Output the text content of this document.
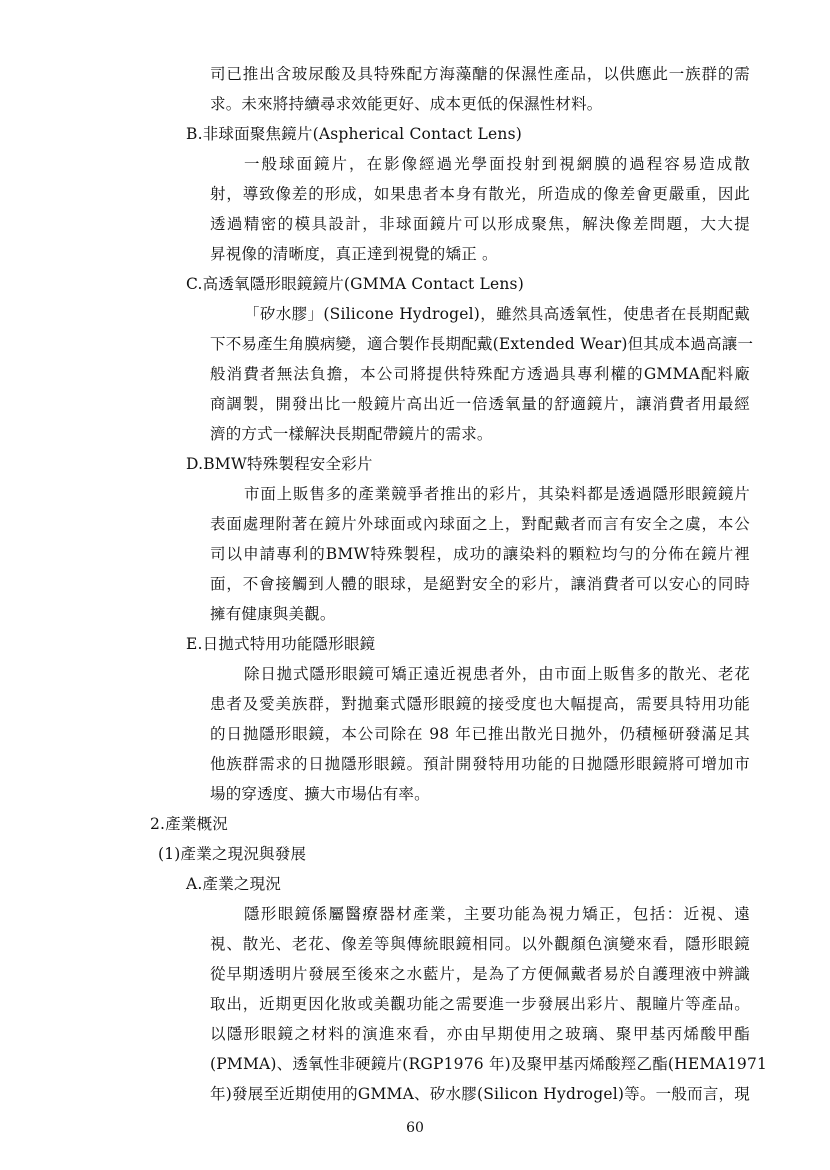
司已推出含玻尿酸及具特殊配方海藻醣的保濕性產品，以供應此一族群的需
求。未來將持續尋求效能更好、成本更低的保濕性材料。
B.非球面聚焦鏡片(Aspherical Contact Lens)
一般球面鏡片，在影像經過光學面投射到視網膜的過程容易造成散
射，導致像差的形成，如果患者本身有散光，所造成的像差會更嚴重，因此
透過精密的模具設計，非球面鏡片可以形成聚焦，解決像差問題，大大提
昇視像的清晰度，真正達到視覺的矯正 。
C.高透氧隱形眼鏡鏡片(GMMA Contact Lens)
「矽水膠」(Silicone Hydrogel)，雖然具高透氧性，使患者在長期配戴
下不易產生角膜病變，適合製作長期配戴(Extended Wear)但其成本過高讓一
般消費者無法負擔，本公司將提供特殊配方透過具專利權的GMMA配料廠
商調製，開發出比一般鏡片高出近一倍透氧量的舒適鏡片，讓消費者用最經
濟的方式一樣解決長期配帶鏡片的需求。
D.BMW特殊製程安全彩片
市面上販售多的產業競爭者推出的彩片，其染料都是透過隱形眼鏡鏡片
表面處理附著在鏡片外球面或內球面之上，對配戴者而言有安全之虞，本公
司以申請專利的BMW特殊製程，成功的讓染料的顆粒均勻的分佈在鏡片裡
面，不會接觸到人體的眼球，是絕對安全的彩片，讓消費者可以安心的同時
擁有健康與美觀。
E.日拋式特用功能隱形眼鏡
除日拋式隱形眼鏡可矯正遠近視患者外，由市面上販售多的散光、老花
患者及愛美族群，對拋棄式隱形眼鏡的接受度也大幅提高，需要具特用功能
的日拋隱形眼鏡，本公司除在 98 年已推出散光日拋外，仍積極研發滿足其
他族群需求的日拋隱形眼鏡。預計開發特用功能的日拋隱形眼鏡將可增加市
場的穿透度、擴大市場佔有率。
2.產業概況
(1)產業之現況與發展
A.產業之現況
隱形眼鏡係屬醫療器材產業，主要功能為視力矯正，包括：近視、遠
視、散光、老花、像差等與傳統眼鏡相同。以外觀顏色演變來看，隱形眼鏡
從早期透明片發展至後來之水藍片，是為了方便佩戴者易於自護理液中辨識
取出，近期更因化妝或美觀功能之需要進一步發展出彩片、靚瞳片等產品。
以隱形眼鏡之材料的演進來看，亦由早期使用之玻璃、聚甲基丙烯酸甲酯
(PMMA)、透氧性非硬鏡片(RGP1976 年)及聚甲基丙烯酸羥乙酯(HEMA1971
年)發展至近期使用的GMMA、矽水膠(Silicon Hydrogel)等。一般而言，現
60
